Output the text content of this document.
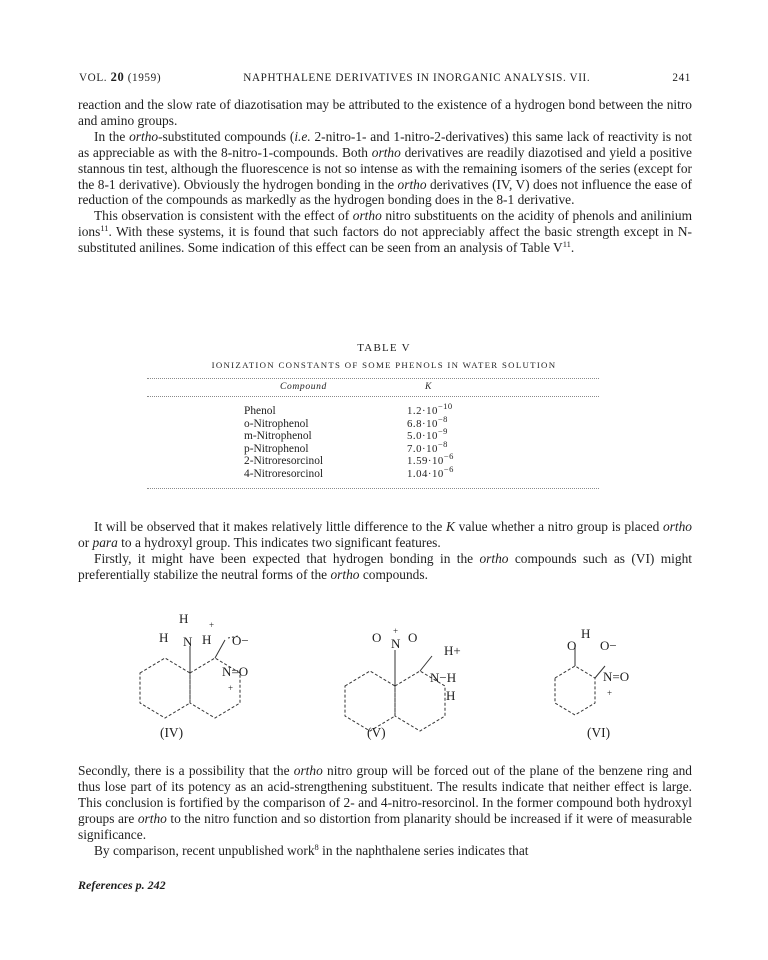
VOL. 20 (1959)	NAPHTHALENE DERIVATIVES IN INORGANIC ANALYSIS. VII.	241

reaction and the slow rate of diazotisation may be attributed to the existence of a hydrogen bond between the nitro and amino groups.

In the ortho-substituted compounds (i.e. 2-nitro-1- and 1-nitro-2-derivatives) this same lack of reactivity is not as appreciable as with the 8-nitro-1-compounds. Both ortho derivatives are readily diazotised and yield a positive stannous tin test, although the fluorescence is not so intense as with the remaining isomers of the series (except for the 8-1 derivative). Obviously the hydrogen bonding in the ortho derivatives (IV, V) does not influence the ease of reduction of the compounds as markedly as the hydrogen bonding does in the 8-1 derivative.

This observation is consistent with the effect of ortho nitro substituents on the acidity of phenols and anilinium ions$^{11}$. With these systems, it is found that such factors do not appreciably affect the basic strength except in N-substituted anilines. Some indication of this effect can be seen from an analysis of Table $V^{11}$.

TABLE V
IONIZATION CONSTANTS OF SOME PHENOLS IN WATER SOLUTION
Compound	K
Phenol	$1.2\cdot 10^{-10}$
o-Nitrophenol	$6.8\cdot 10^{-8}$
m-Nitrophenol	$5.0\cdot 10^{-9}$
p-Nitrophenol	$7.0\cdot 10^{-8}$
2-Nitroresorcinol	$1.59\cdot 10^{-6}$
4-Nitroresorcinol	$1.04\cdot 10^{-6}$

It will be observed that it makes relatively little difference to the K value whether a nitro group is placed ortho or para to a hydroxyl group. This indicates two significant features.

Firstly, it might have been expected that hydrogen bonding in the ortho compounds such as (VI) might preferentially stabilize the neutral forms of the ortho compounds.

H +
H N H O−
N=O
+
(IV)
O +
N O
H+
N−H
H
(V)
H
O O−
N=O
+
(VI)

Secondly, there is a possibility that the ortho nitro group will be forced out of the plane of the benzene ring and thus lose part of its potency as an acid-strengthening substituent. The results indicate that neither effect is large. This conclusion is fortified by the comparison of 2- and 4-nitro-resorcinol. In the former compound both hydroxyl groups are ortho to the nitro function and so distortion from planarity should be increased if it were of measurable significance.

By comparison, recent unpublished work$^8$ in the naphthalene series indicates that

References p. 242
